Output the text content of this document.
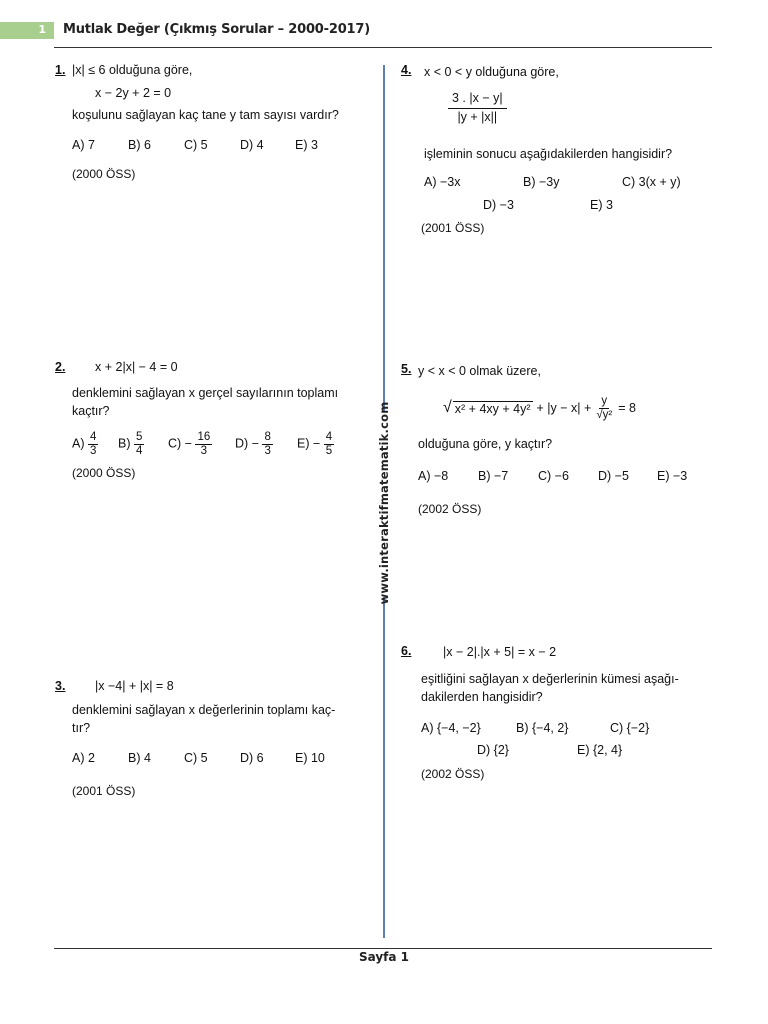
1 Mutlak Değer (Çıkmış Sorular – 2000-2017)
www.interaktifmatematik.com
1. |x| ≤ 6 olduğuna göre,
x − 2y + 2 = 0
koşulunu sağlayan kaç tane y tam sayısı vardır?
A) 7	B) 6	C) 5	D) 4	E) 3
(2000 ÖSS)
2. x + 2|x| − 4 = 0
denklemini sağlayan x gerçel sayılarının toplamı kaçtır?
$A) \frac{4}{3} B) \frac{5}{4} C) - \frac{16}{3} D) - \frac{8}{3} E) - \frac{4}{5}$
(2000 ÖSS)
3. |x −4| + |x| = 8
denklemini sağlayan x değerlerinin toplamı kaç-
tır?
A) 2	B) 4	C) 5	D) 6	E) 10
(2001 ÖSS)
4. x < 0 < y olduğuna göre,
$\frac{3 . |x - y|}{|y + |x||}$
işleminin sonucu aşağıdakilerden hangisidir?
A) −3x	B) −3y	C) 3(x + y)
D) −3	E) 3
(2001 ÖSS)
5. y < x < 0 olmak üzere,
√ $x^2 + 4xy + 4y^2 + |y - x| + \frac{y}{\text{√y²}} = 8$
olduğuna göre, y kaçtır?
A) −8 B) −7 C) −6 D) −5 E) −3
(2002 ÖSS)
6.	|x − 2|.|x + 5| = x − 2
eşitliğini sağlayan x değerlerinin kümesi aşağı-
dakilerden hangisidir?
A) {−4, −2}	B) {−4, 2}	C) {−2}
D) {2}	E) {2, 4}
(2002 ÖSS)
Sayfa 1
